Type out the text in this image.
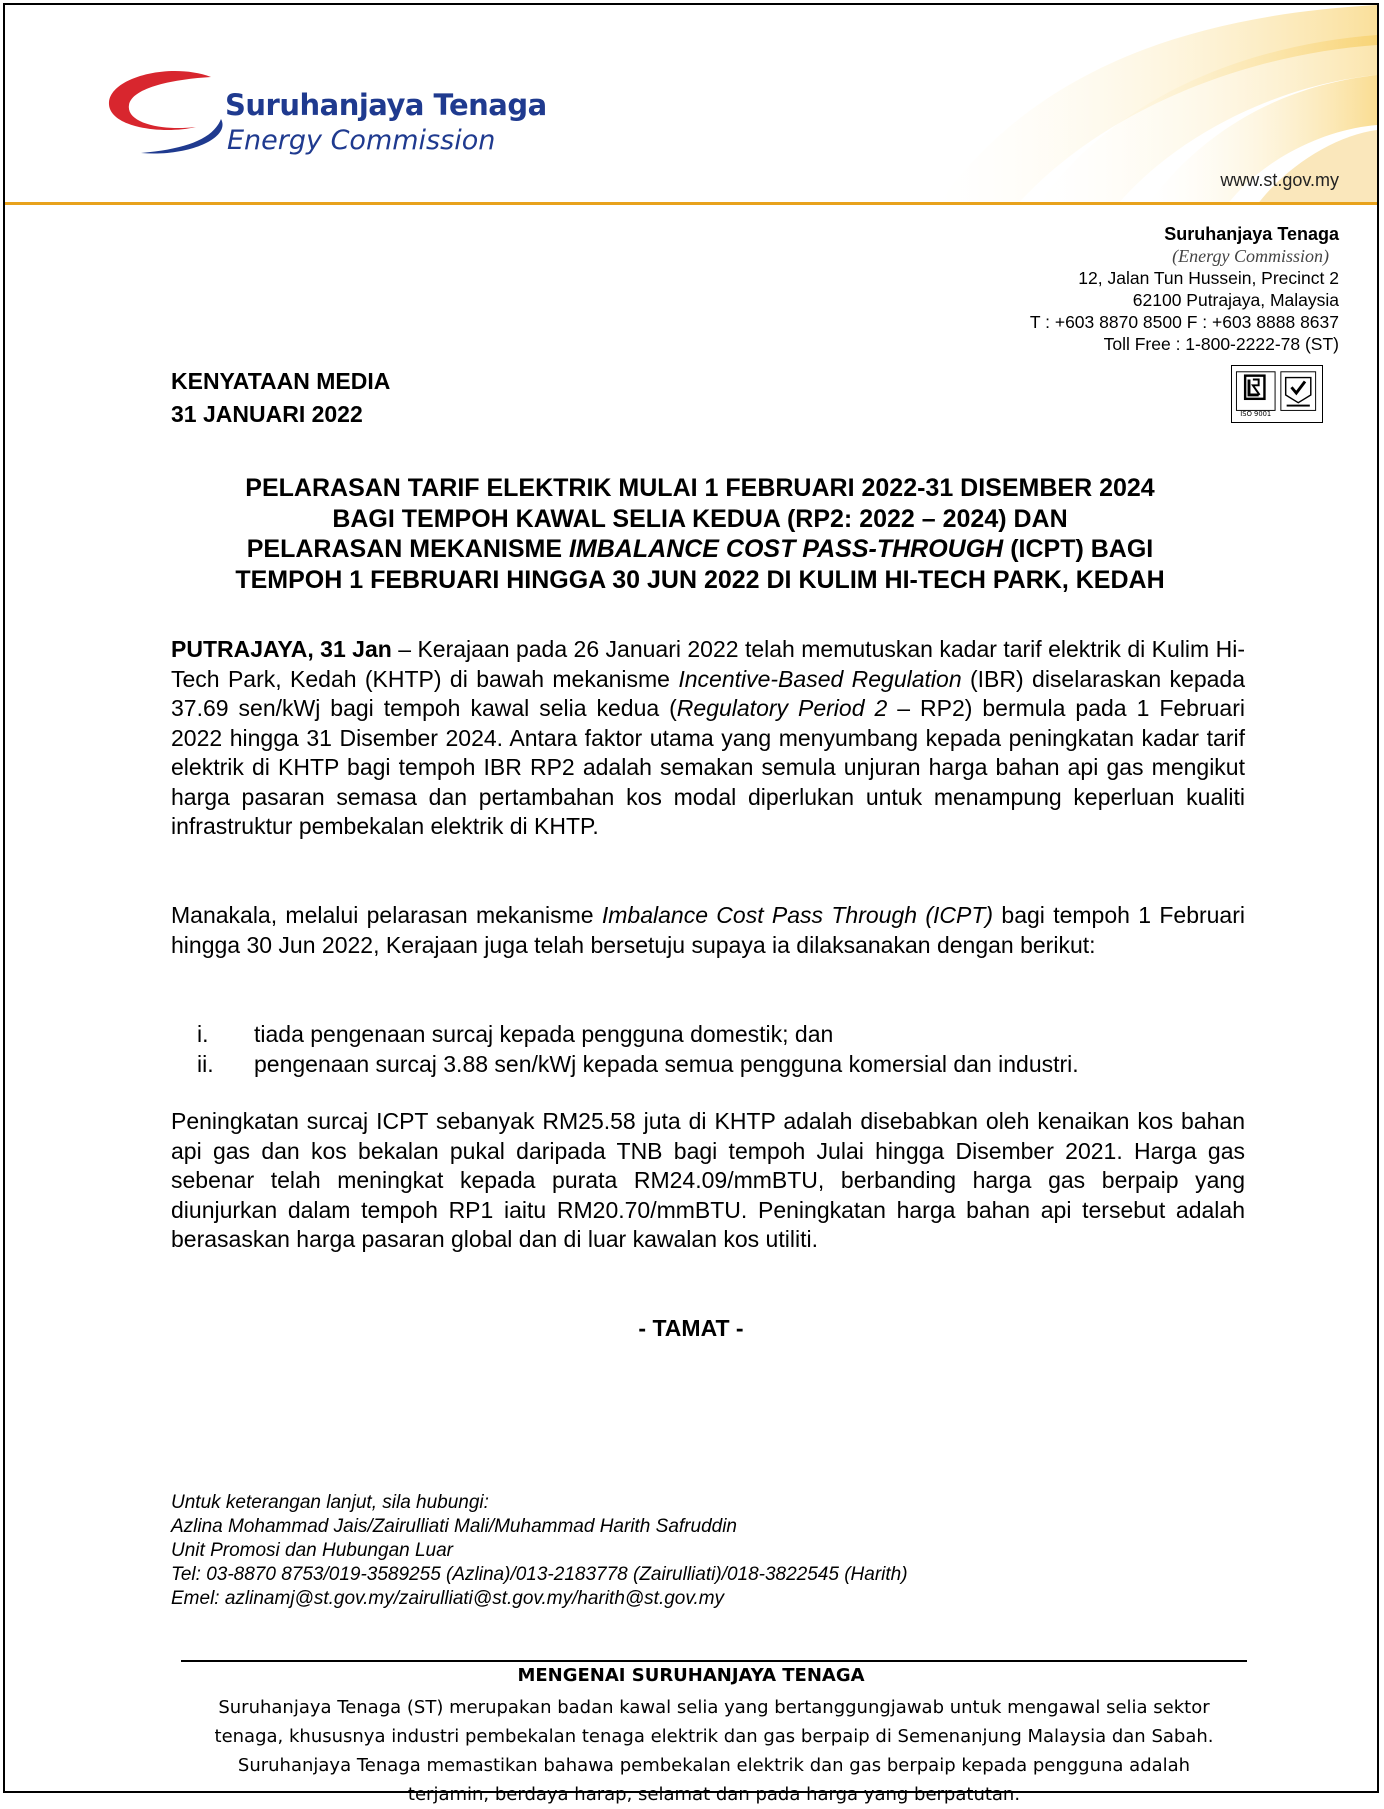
Suruhanjaya Tenaga
Energy Commission
www.st.gov.my
Suruhanjaya Tenaga
(Energy Commission)
12, Jalan Tun Hussein, Precinct 2
62100 Putrajaya, Malaysia
T : +603 8870 8500 F : +603 8888 8637
Toll Free : 1-800-2222-78 (ST)
ISO 9001
KENYATAAN MEDIA
31 JANUARI 2022
PELARASAN TARIF ELEKTRIK MULAI 1 FEBRUARI 2022-31 DISEMBER 2024
BAGI TEMPOH KAWAL SELIA KEDUA (RP2: 2022 – 2024) DAN
PELARASAN MEKANISME IMBALANCE COST PASS-THROUGH (ICPT) BAGI
TEMPOH 1 FEBRUARI HINGGA 30 JUN 2022 DI KULIM HI-TECH PARK, KEDAH
PUTRAJAYA, 31 Jan – Kerajaan pada 26 Januari 2022 telah memutuskan kadar tarif elektrik di Kulim Hi-Tech Park, Kedah (KHTP) di bawah mekanisme Incentive-Based Regulation (IBR) diselaraskan kepada 37.69 sen/kWj bagi tempoh kawal selia kedua (Regulatory Period 2 – RP2) bermula pada 1 Februari 2022 hingga 31 Disember 2024. Antara faktor utama yang menyumbang kepada peningkatan kadar tarif elektrik di KHTP bagi tempoh IBR RP2 adalah semakan semula unjuran harga bahan api gas mengikut harga pasaran semasa dan pertambahan kos modal diperlukan untuk menampung keperluan kualiti infrastruktur pembekalan elektrik di KHTP.
Manakala, melalui pelarasan mekanisme Imbalance Cost Pass Through (ICPT) bagi tempoh 1 Februari hingga 30 Jun 2022, Kerajaan juga telah bersetuju supaya ia dilaksanakan dengan berikut:
i.	tiada pengenaan surcaj kepada pengguna domestik; dan
ii.	pengenaan surcaj 3.88 sen/kWj kepada semua pengguna komersial dan industri.
Peningkatan surcaj ICPT sebanyak RM25.58 juta di KHTP adalah disebabkan oleh kenaikan kos bahan api gas dan kos bekalan pukal daripada TNB bagi tempoh Julai hingga Disember 2021. Harga gas sebenar telah meningkat kepada purata RM24.09/mmBTU, berbanding harga gas berpaip yang diunjurkan dalam tempoh RP1 iaitu RM20.70/mmBTU. Peningkatan harga bahan api tersebut adalah berasaskan harga pasaran global dan di luar kawalan kos utiliti.
- TAMAT -
Untuk keterangan lanjut, sila hubungi:
Azlina Mohammad Jais/Zairulliati Mali/Muhammad Harith Safruddin
Unit Promosi dan Hubungan Luar
Tel: 03-8870 8753/019-3589255 (Azlina)/013-2183778 (Zairulliati)/018-3822545 (Harith)
Emel: azlinamj@st.gov.my/zairulliati@st.gov.my/harith@st.gov.my
MENGENAI SURUHANJAYA TENAGA
Suruhanjaya Tenaga (ST) merupakan badan kawal selia yang bertanggungjawab untuk mengawal selia sektor
tenaga, khususnya industri pembekalan tenaga elektrik dan gas berpaip di Semenanjung Malaysia dan Sabah.
Suruhanjaya Tenaga memastikan bahawa pembekalan elektrik dan gas berpaip kepada pengguna adalah
terjamin, berdaya harap, selamat dan pada harga yang berpatutan.
